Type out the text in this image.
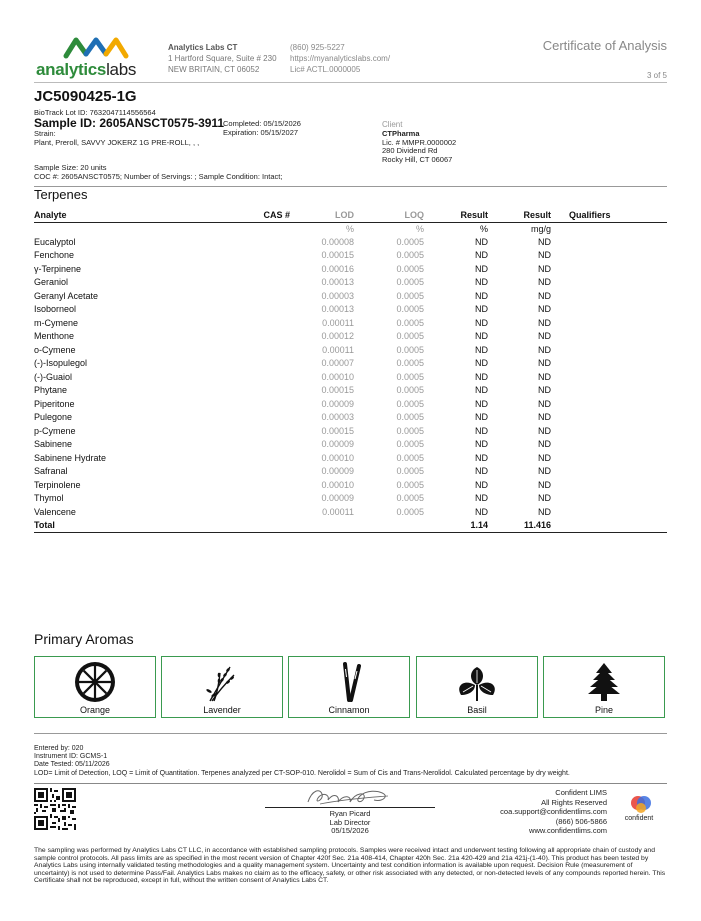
analyticslabs
Analytics Labs CT
1 Hartford Square, Suite # 230
NEW BRITAIN, CT 06052
(860) 925-5227
https://myanalyticslabs.com/
Lic# ACTL.0000005
Certificate of Analysis
3 of 5
JC5090425-1G
BioTrack Lot ID: 7632047114556564
Sample ID: 2605ANSCT0575-3911
Completed: 05/15/2026
Expiration: 05/15/2027
Strain:
Plant, Preroll, SAVVY JOKERZ 1G PRE-ROLL, , ,
Client
CTPharma
Lic. # MMPR.0000002
280 Dividend Rd
Rocky Hill, CT 06067
Sample Size: 20 units
COC #: 2605ANSCT0575; Number of Servings: ; Sample Condition: Intact;
Terpenes
Analyte	CAS #	LOD	LOQ	Result	Result	Qualifiers
		%	%	%	mg/g	
Eucalyptol		0.00008	0.0005	ND	ND	
Fenchone		0.00015	0.0005	ND	ND	
γ-Terpinene		0.00016	0.0005	ND	ND	
Geraniol		0.00013	0.0005	ND	ND	
Geranyl Acetate		0.00003	0.0005	ND	ND	
Isoborneol		0.00013	0.0005	ND	ND	
m-Cymene		0.00011	0.0005	ND	ND	
Menthone		0.00012	0.0005	ND	ND	
o-Cymene		0.00011	0.0005	ND	ND	
(-)-Isopulegol		0.00007	0.0005	ND	ND	
(-)-Guaiol		0.00010	0.0005	ND	ND	
Phytane		0.00015	0.0005	ND	ND	
Piperitone		0.00009	0.0005	ND	ND	
Pulegone		0.00003	0.0005	ND	ND	
p-Cymene		0.00015	0.0005	ND	ND	
Sabinene		0.00009	0.0005	ND	ND	
Sabinene Hydrate		0.00010	0.0005	ND	ND	
Safranal		0.00009	0.0005	ND	ND	
Terpinolene		0.00010	0.0005	ND	ND	
Thymol		0.00009	0.0005	ND	ND	
Valencene		0.00011	0.0005	ND	ND	
Total				1.14	11.416	
Primary Aromas
Orange	Lavender	Cinnamon	Basil	Pine
Entered by: 020
Instrument ID: GCMS-1
Date Tested: 05/11/2026
LOD= Limit of Detection, LOQ = Limit of Quantitation. Terpenes analyzed per CT-SOP-010. Nerolidol = Sum of Cis and Trans-Nerolidol. Calculated percentage by dry weight.
Ryan Picard
Lab Director
05/15/2026
Confident LIMS
All Rights Reserved
coa.support@confidentlims.com
(866) 506-5866
www.confidentlims.com
confident
The sampling was performed by Analytics Labs CT LLC, in accordance with established sampling protocols. Samples were received intact and underwent testing following all appropriate chain of custody and sample control protocols. All pass limits are as specified in the most recent version of Chapter 420f Sec. 21a 408-414, Chapter 420h Sec. 21a 420-429 and 21a 421j-(1-40). This product has been tested by Analytics Labs using internally validated testing methodologies and a quality management system. Uncertainty and test condition information is available upon request. Decision Rule (measurement of uncertainty) is not used to determine Pass/Fail. Analytics Labs makes no claim as to the efficacy, safety, or other risk associated with any detected, or non-detected levels of any compounds reported herein. This Certificate shall not be reproduced, except in full, without the written consent of Analytics Labs CT.
